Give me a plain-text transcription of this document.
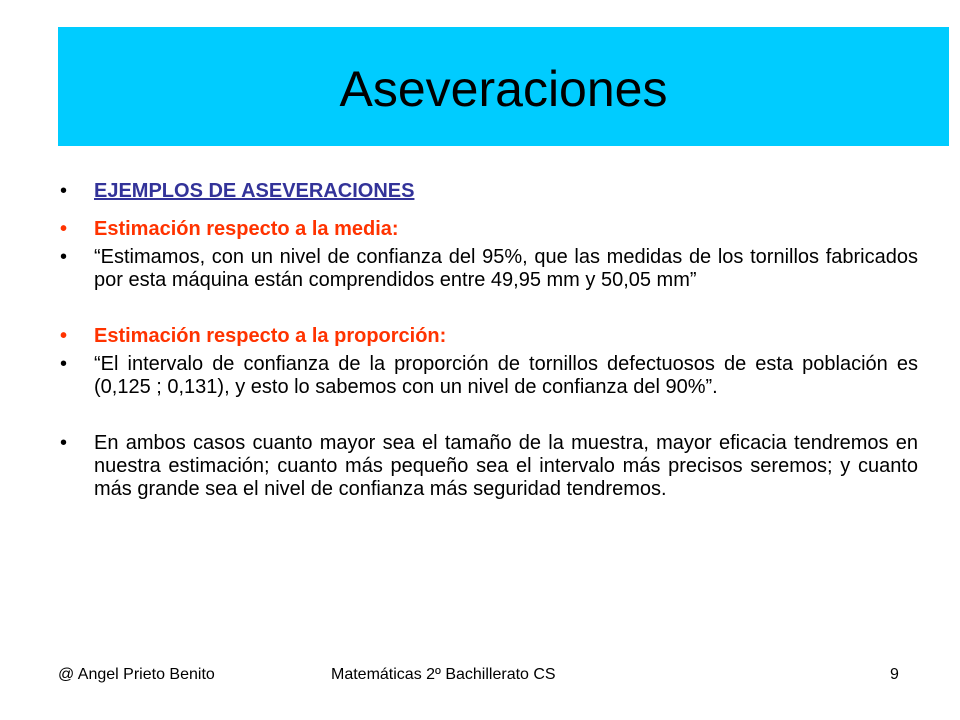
Aseveraciones
•	EJEMPLOS DE ASEVERACIONES
•	Estimación respecto a la media:
•	“Estimamos, con un nivel de confianza del 95%, que las medidas de los tornillos fabricados por esta máquina están comprendidos entre 49,95 mm y 50,05 mm”
•	Estimación respecto a la proporción:
•	“El intervalo de confianza de la proporción de tornillos defectuosos de esta población es (0,125 ; 0,131), y esto lo sabemos con un nivel de confianza del 90%”.
•	En ambos casos cuanto mayor sea el tamaño de la muestra, mayor eficacia tendremos en nuestra estimación; cuanto más pequeño sea el intervalo más precisos seremos; y cuanto más grande sea el nivel de confianza más seguridad tendremos.
@ Angel Prieto Benito	Matemáticas 2º Bachillerato CS	9
